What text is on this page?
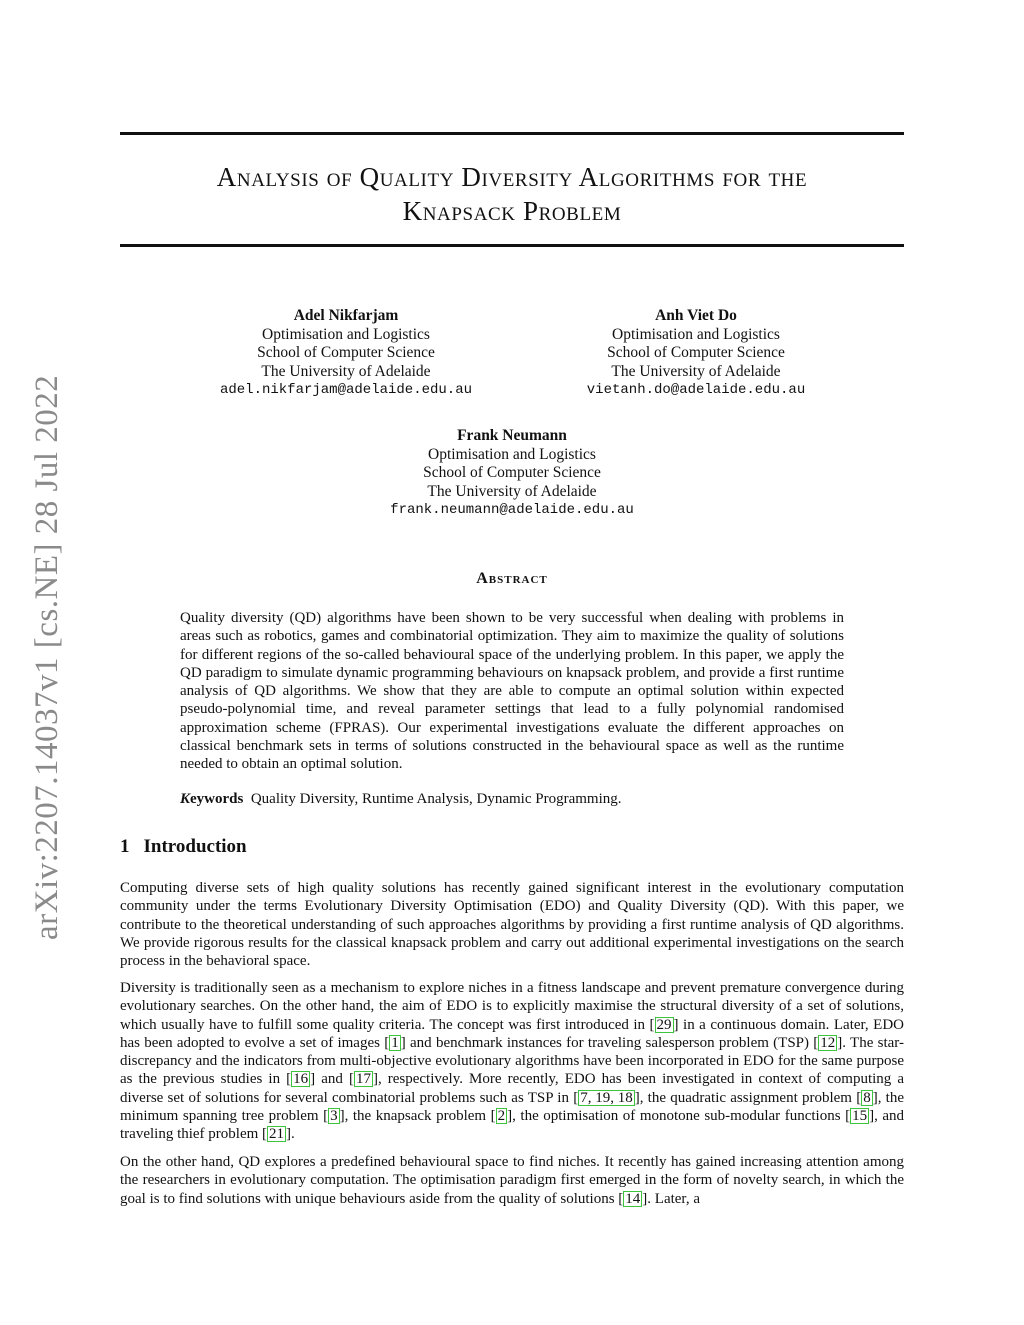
Analysis of Quality Diversity Algorithms for the
Knapsack Problem
arXiv:2207.14037v1 [cs.NE] 28 Jul 2022
Adel Nikfarjam
Optimisation and Logistics
School of Computer Science
The University of Adelaide
adel.nikfarjam@adelaide.edu.au
Anh Viet Do
Optimisation and Logistics
School of Computer Science
The University of Adelaide
vietanh.do@adelaide.edu.au
Frank Neumann
Optimisation and Logistics
School of Computer Science
The University of Adelaide
frank.neumann@adelaide.edu.au
Abstract
Quality diversity (QD) algorithms have been shown to be very successful when dealing with problems in areas such as robotics, games and combinatorial optimization. They aim to maximize the quality of solutions for different regions of the so-called behavioural space of the underlying problem. In this paper, we apply the QD paradigm to simulate dynamic programming behaviours on knapsack problem, and provide a first runtime analysis of QD algorithms. We show that they are able to compute an optimal solution within expected pseudo-polynomial time, and reveal parameter settings that lead to a fully polynomial randomised approximation scheme (FPRAS). Our experimental investigations evaluate the different approaches on classical benchmark sets in terms of solutions constructed in the behavioural space as well as the runtime needed to obtain an optimal solution.
Keywords Quality Diversity, Runtime Analysis, Dynamic Programming.
1 Introduction

Computing diverse sets of high quality solutions has recently gained significant interest in the evolutionary computation community under the terms Evolutionary Diversity Optimisation (EDO) and Quality Diversity (QD). With this paper, we contribute to the theoretical understanding of such approaches algorithms by providing a first runtime analysis of QD algorithms. We provide rigorous results for the classical knapsack problem and carry out additional experimental investigations on the search process in the behavioral space.

Diversity is traditionally seen as a mechanism to explore niches in a fitness landscape and prevent premature convergence during evolutionary searches. On the other hand, the aim of EDO is to explicitly maximise the structural diversity of a set of solutions, which usually have to fulfill some quality criteria. The concept was first introduced in [ 29 ] in a continuous domain. Later, EDO has been adopted to evolve a set of images [ 1 ] and benchmark instances for traveling salesperson problem (TSP) [ 12 ]. The star-discrepancy and the indicators from multi-objective evolutionary algorithms have been incorporated in EDO for the same purpose as the previous studies in [ 16 ] and [ 17 ], respectively. More recently, EDO has been investigated in context of computing a diverse set of solutions for several combinatorial problems such as TSP in [ 7, 19, 18 ], the quadratic assignment problem [ 8 ], the minimum spanning tree problem [ 3 ], the knapsack problem [ 2 ], the optimisation of monotone sub-modular functions [ 15 ], and traveling thief problem [ 21 ].

On the other hand, QD explores a predefined behavioural space to find niches. It recently has gained increasing attention among the researchers in evolutionary computation. The optimisation paradigm first emerged in the form of novelty search, in which the goal is to find solutions with unique behaviours aside from the quality of solutions [ 14 ]. Later, a
